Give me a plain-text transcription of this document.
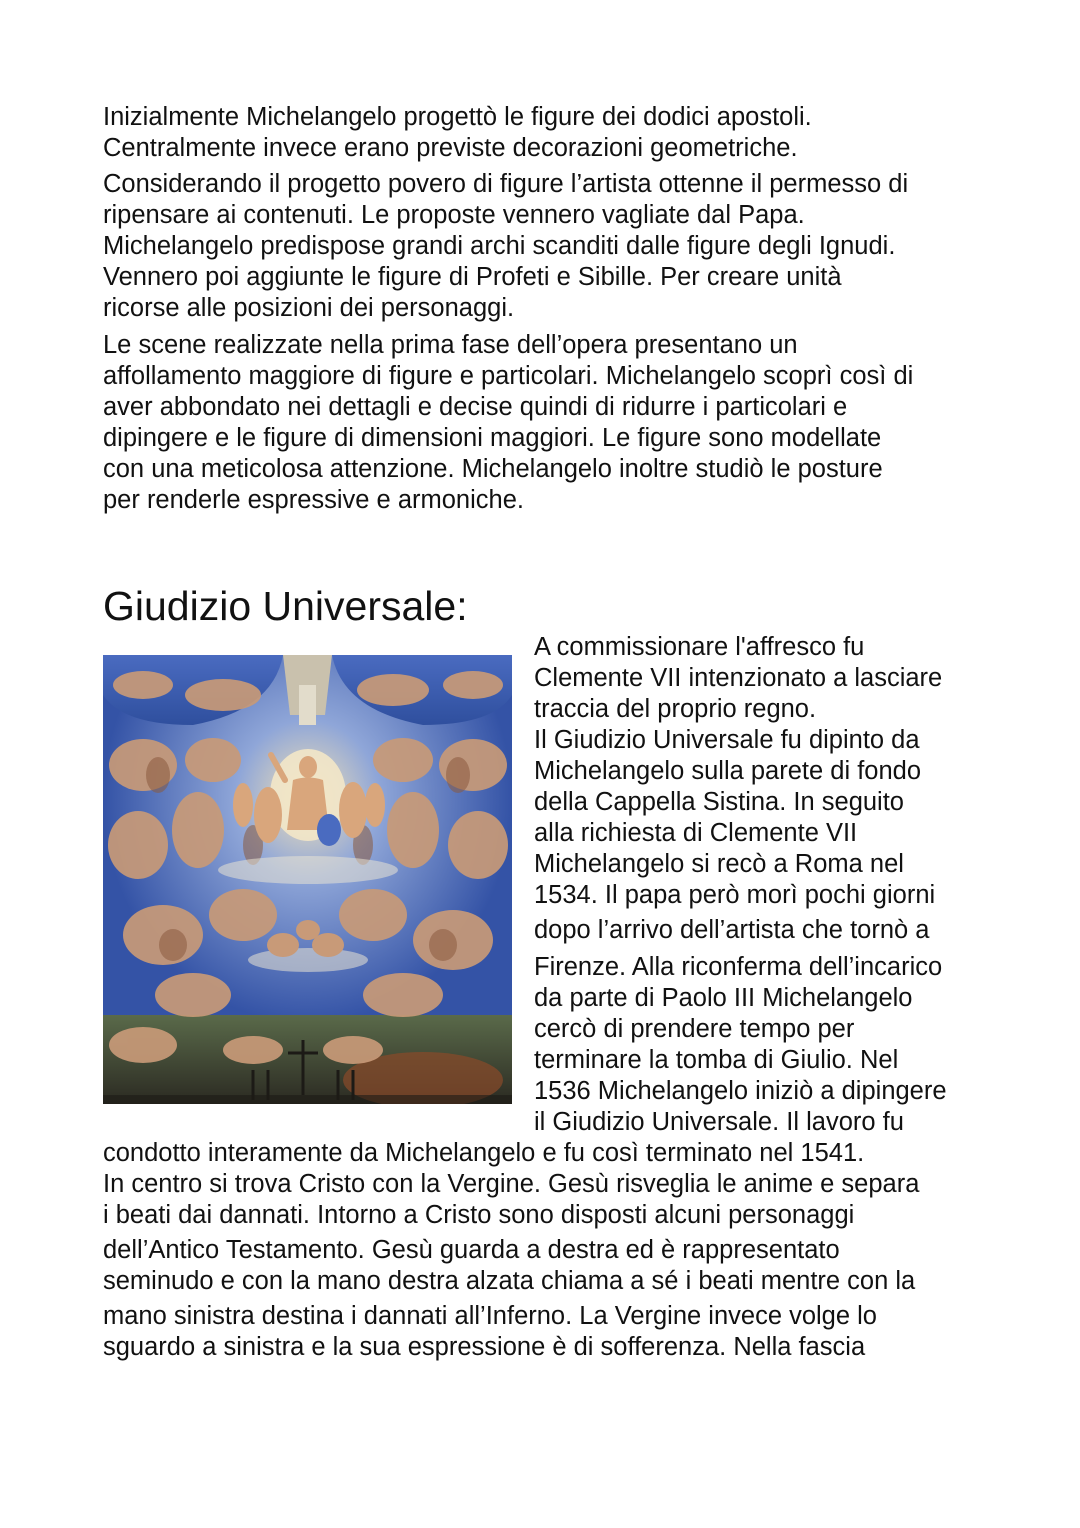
Inizialmente Michelangelo progettò le figure dei dodici apostoli.
Centralmente invece erano previste decorazioni geometriche.

Considerando il progetto povero di figure l’artista ottenne il permesso di
ripensare ai contenuti. Le proposte vennero vagliate dal Papa.
Michelangelo predispose grandi archi scanditi dalle figure degli Ignudi.
Vennero poi aggiunte le figure di Profeti e Sibille. Per creare unità
ricorse alle posizioni dei personaggi.

Le scene realizzate nella prima fase dell’opera presentano un
affollamento maggiore di figure e particolari. Michelangelo scoprì così di
aver abbondato nei dettagli e decise quindi di ridurre i particolari e
dipingere e le figure di dimensioni maggiori. Le figure sono modellate
con una meticolosa attenzione. Michelangelo inoltre studiò le posture
per renderle espressive e armoniche.

Giudizio Universale:

A commissionare l'affresco fu
Clemente VII intenzionato a lasciare
traccia del proprio regno.
Il Giudizio Universale fu dipinto da
Michelangelo sulla parete di fondo
della Cappella Sistina. In seguito
alla richiesta di Clemente VII
Michelangelo si recò a Roma nel
1534. Il papa però morì pochi giorni
dopo l’arrivo dell’artista che tornò a
Firenze. Alla riconferma dell’incarico
da parte di Paolo III Michelangelo
cercò di prendere tempo per
terminare la tomba di Giulio. Nel
1536 Michelangelo iniziò a dipingere
il Giudizio Universale. Il lavoro fu

condotto interamente da Michelangelo e fu così terminato nel 1541.
In centro si trova Cristo con la Vergine. Gesù risveglia le anime e separa
i beati dai dannati. Intorno a Cristo sono disposti alcuni personaggi
dell’Antico Testamento. Gesù guarda a destra ed è rappresentato
seminudo e con la mano destra alzata chiama a sé i beati mentre con la
mano sinistra destina i dannati all’Inferno. La Vergine invece volge lo
sguardo a sinistra e la sua espressione è di sofferenza. Nella fascia
